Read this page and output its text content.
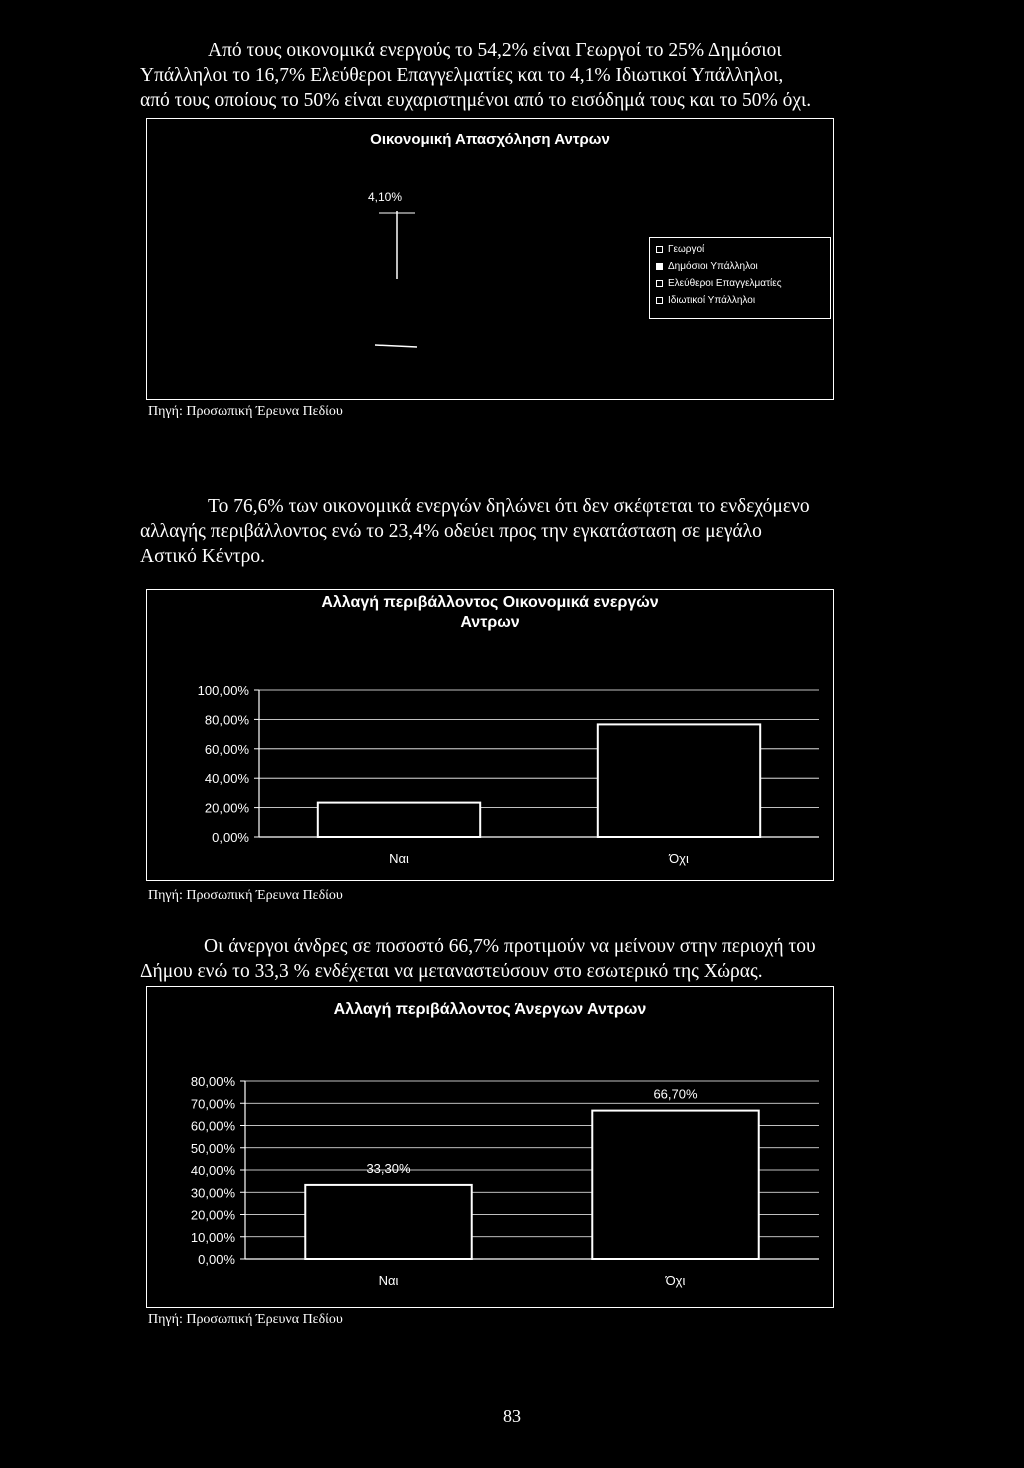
Από τους οικονομικά ενεργούς το 54,2% είναι Γεωργοί το 25% Δημόσιοι

Υπάλληλοι το 16,7% Ελεύθεροι Επαγγελματίες και το 4,1% Ιδιωτικοί Υπάλληλοι,

από τους οποίους το 50% είναι ευχαριστημένοι από το εισόδημά τους και το 50% όχι.

Οικονομική Απασχόληση Αντρων
4,10%
Γεωργοί
Δημόσιοι Υπάλληλοι
Ελεύθεροι Επαγγελματίες
Ιδιωτικοί Υπάλληλοι
Πηγή: Προσωπική Έρευνα Πεδίου

Το 76,6% των οικονομικά ενεργών δηλώνει ότι δεν σκέφτεται το ενδεχόμενο

αλλαγής περιβάλλοντος ενώ το 23,4% οδεύει προς την εγκατάσταση σε μεγάλο

Αστικό Κέντρο.

Αλλαγή περιβάλλοντος Οικονομικά ενεργών
Αντρων
0,00%
20,00%
40,00%
60,00%
80,00%
100,00%
Ναι	Όχι
Πηγή: Προσωπική Έρευνα Πεδίου

Οι άνεργοι άνδρες σε ποσοστό 66,7% προτιμούν να μείνουν στην περιοχή του

Δήμου ενώ το 33,3 % ενδέχεται να μεταναστεύσουν στο εσωτερικό της Χώρας.

Αλλαγή περιβάλλοντος Άνεργων Αντρων
0,00%
10,00%
20,00%
30,00%
40,00%
50,00%
60,00%
70,00%
80,00%
Ναι
33,30%
Όχι
66,70%
Πηγή: Προσωπική Έρευνα Πεδίου
83
